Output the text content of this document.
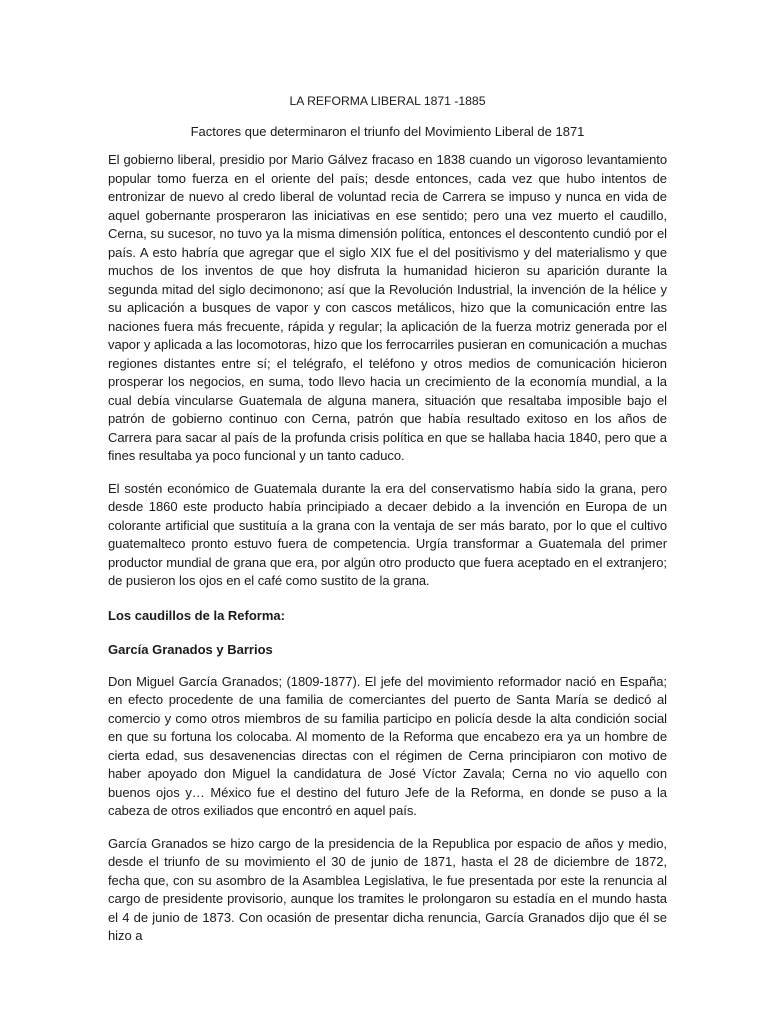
LA REFORMA LIBERAL 1871 -1885
Factores que determinaron el triunfo del Movimiento Liberal de 1871

El gobierno liberal, presidio por Mario Gálvez fracaso en 1838 cuando un vigoroso levantamiento popular tomo fuerza en el oriente del país; desde entonces, cada vez que hubo intentos de entronizar de nuevo al credo liberal de voluntad recia de Carrera se impuso y nunca en vida de aquel gobernante prosperaron las iniciativas en ese sentido; pero una vez muerto el caudillo, Cerna, su sucesor, no tuvo ya la misma dimensión política, entonces el descontento cundió por el país. A esto habría que agregar que el siglo XIX fue el del positivismo y del materialismo y que muchos de los inventos de que hoy disfruta la humanidad hicieron su aparición durante la segunda mitad del siglo decimonono; así que la Revolución Industrial, la invención de la hélice y su aplicación a busques de vapor y con cascos metálicos, hizo que la comunicación entre las naciones fuera más frecuente, rápida y regular; la aplicación de la fuerza motriz generada por el vapor y aplicada a las locomotoras, hizo que los ferrocarriles pusieran en comunicación a muchas regiones distantes entre sí; el telégrafo, el teléfono y otros medios de comunicación hicieron prosperar los negocios, en suma, todo llevo hacia un crecimiento de la economía mundial, a la cual debía vincularse Guatemala de alguna manera, situación que resaltaba imposible bajo el patrón de gobierno continuo con Cerna, patrón que había resultado exitoso en los años de Carrera para sacar al país de la profunda crisis política en que se hallaba hacia 1840, pero que a fines resultaba ya poco funcional y un tanto caduco.

El sostén económico de Guatemala durante la era del conservatismo había sido la grana, pero desde 1860 este producto había principiado a decaer debido a la invención en Europa de un colorante artificial que sustituía a la grana con la ventaja de ser más barato, por lo que el cultivo guatemalteco pronto estuvo fuera de competencia. Urgía transformar a Guatemala del primer productor mundial de grana que era, por algún otro producto que fuera aceptado en el extranjero; de pusieron los ojos en el café como sustito de la grana.

Los caudillos de la Reforma:
García Granados y Barrios

Don Miguel García Granados; (1809-1877). El jefe del movimiento reformador nació en España; en efecto procedente de una familia de comerciantes del puerto de Santa María se dedicó al comercio y como otros miembros de su familia participo en policía desde la alta condición social en que su fortuna los colocaba. Al momento de la Reforma que encabezo era ya un hombre de cierta edad, sus desavenencias directas con el régimen de Cerna principiaron con motivo de haber apoyado don Miguel la candidatura de José Víctor Zavala; Cerna no vio aquello con buenos ojos y… México fue el destino del futuro Jefe de la Reforma, en donde se puso a la cabeza de otros exiliados que encontró en aquel país.

García Granados se hizo cargo de la presidencia de la Republica por espacio de años y medio, desde el triunfo de su movimiento el 30 de junio de 1871, hasta el 28 de diciembre de 1872, fecha que, con su asombro de la Asamblea Legislativa, le fue presentada por este la renuncia al cargo de presidente provisorio, aunque los tramites le prolongaron su estadía en el mundo hasta el 4 de junio de 1873. Con ocasión de presentar dicha renuncia, García Granados dijo que él se hizo a
